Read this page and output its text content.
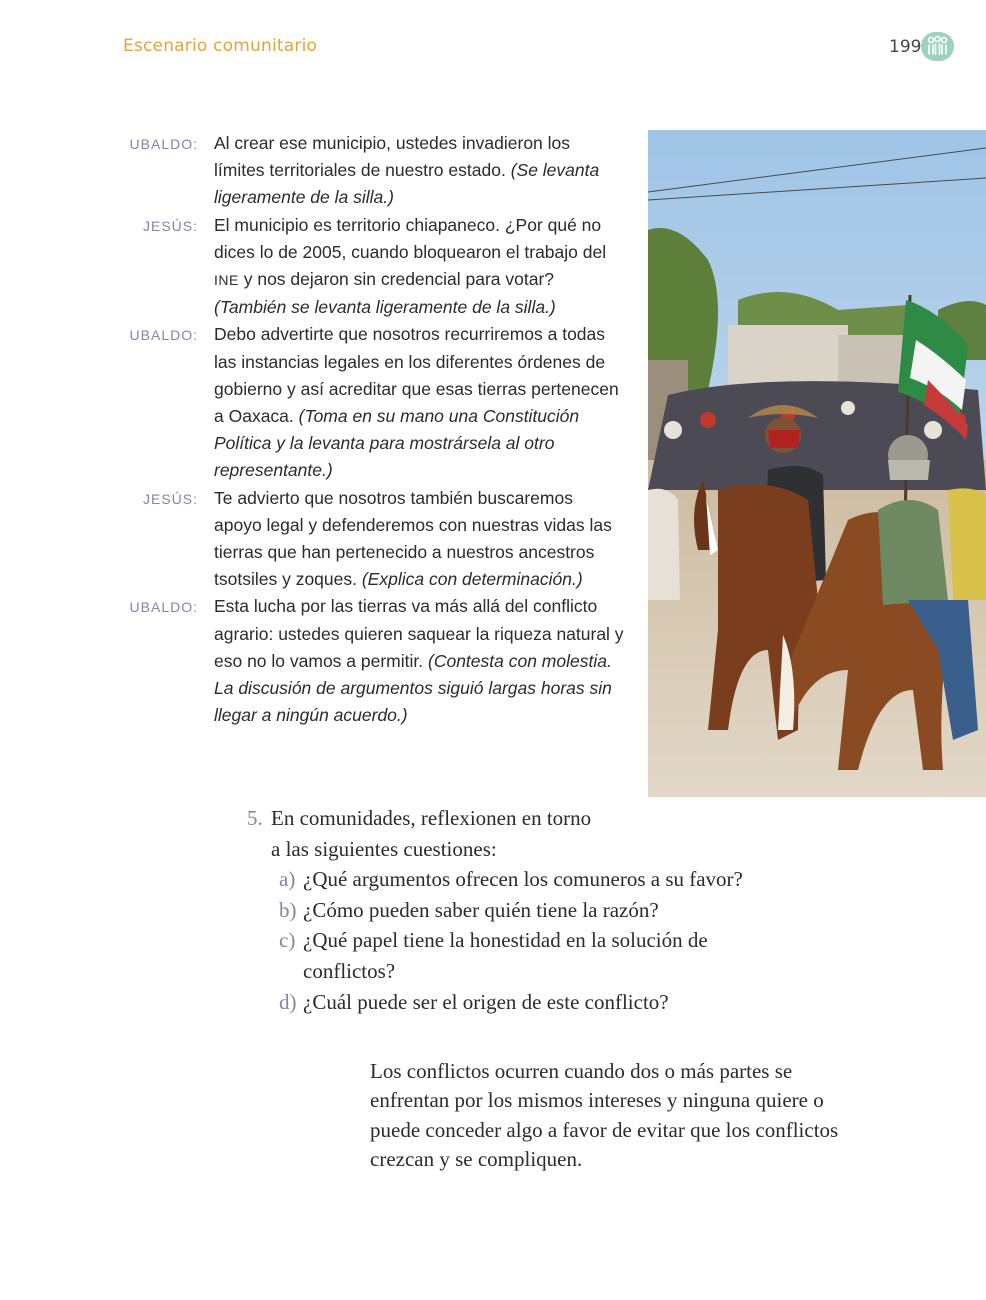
Escenario comunitario	199
UBALDO: Al crear ese municipio, ustedes invadieron los límites territoriales de nuestro estado. (Se levanta ligeramente de la silla.)
JESÚS: El municipio es territorio chiapaneco. ¿Por qué no dices lo de 2005, cuando bloquearon el trabajo del INE y nos dejaron sin credencial para votar? (También se levanta ligeramente de la silla.)
UBALDO: Debo advertirte que nosotros recurriremos a todas las instancias legales en los diferentes órdenes de gobierno y así acreditar que esas tierras pertenecen a Oaxaca. (Toma en su mano una Constitución Política y la levanta para mostrársela al otro representante.)
JESÚS: Te advierto que nosotros también buscaremos apoyo legal y defenderemos con nuestras vidas las tierras que han pertenecido a nuestros ancestros tsotsiles y zoques. (Explica con determinación.)
UBALDO: Esta lucha por las tierras va más allá del conflicto agrario: ustedes quieren saquear la riqueza natural y eso no lo vamos a permitir. (Contesta con molestia. La discusión de argumentos siguió largas horas sin llegar a ningún acuerdo.)
5. En comunidades, reflexionen en torno
a las siguientes cuestiones:
a) ¿Qué argumentos ofrecen los comuneros a su favor?
b) ¿Cómo pueden saber quién tiene la razón?
c) ¿Qué papel tiene la honestidad en la solución de conflictos?
d) ¿Cuál puede ser el origen de este conflicto?
Los conflictos ocurren cuando dos o más partes se enfrentan por los mismos intereses y ninguna quiere o puede conceder algo a favor de evitar que los conflictos crezcan y se compliquen.
